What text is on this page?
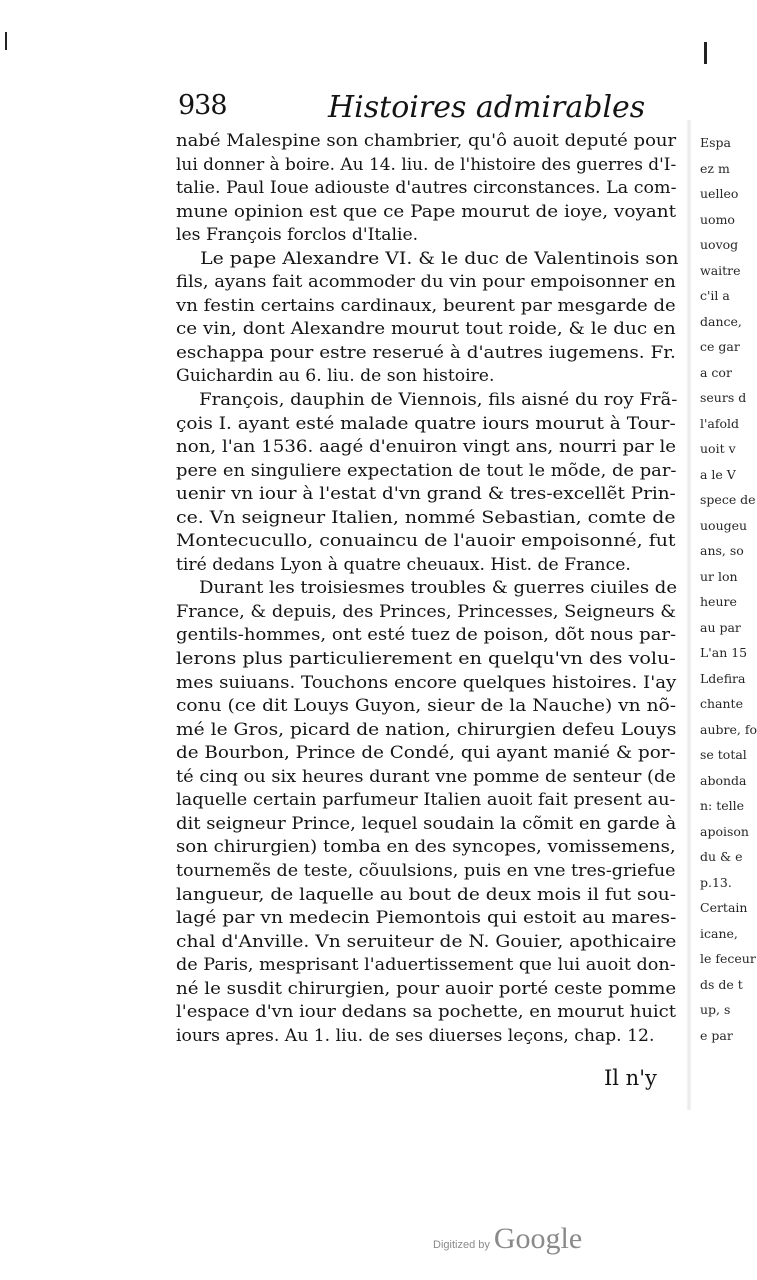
938	Histoires admirables
nabé Malespine son chambrier, qu'ô auoit deputé pour
lui donner à boire. Au 14. liu. de l'histoire des guerres d'I-
talie. Paul Ioue adiouste d'autres circonstances. La com-
mune opinion est que ce Pape mourut de ioye, voyant
les François forclos d'Italie.
Le pape Alexandre VI. & le duc de Valentinois son
fils, ayans fait acommoder du vin pour empoisonner en
vn festin certains cardinaux, beurent par mesgarde de
ce vin, dont Alexandre mourut tout roide, & le duc en
eschappa pour estre reserué à d'autres iugemens. Fr.
Guichardin au 6. liu. de son histoire.
François, dauphin de Viennois, fils aisné du roy Frã-
çois I. ayant esté malade quatre iours mourut à Tour-
non, l'an 1536. aagé d'enuiron vingt ans, nourri par le
pere en singuliere expectation de tout le mõde, de par-
uenir vn iour à l'estat d'vn grand & tres-excellẽt Prin-
ce. Vn seigneur Italien, nommé Sebastian, comte de
Montecucullo, conuaincu de l'auoir empoisonné, fut
tiré dedans Lyon à quatre cheuaux. Hist. de France.
Durant les troisiesmes troubles & guerres ciuiles de
France, & depuis, des Princes, Princesses, Seigneurs &
gentils-hommes, ont esté tuez de poison, dõt nous par-
lerons plus particulierement en quelqu'vn des volu-
mes suiuans. Touchons encore quelques histoires. I'ay
conu (ce dit Louys Guyon, sieur de la Nauche) vn nõ-
mé le Gros, picard de nation, chirurgien defeu Louys
de Bourbon, Prince de Condé, qui ayant manié & por-
té cinq ou six heures durant vne pomme de senteur (de
laquelle certain parfumeur Italien auoit fait present au-
dit seigneur Prince, lequel soudain la cõmit en garde à
son chirurgien) tomba en des syncopes, vomissemens,
tournemẽs de teste, cõuulsions, puis en vne tres-griefue
langueur, de laquelle au bout de deux mois il fut sou-
lagé par vn medecin Piemontois qui estoit au mares-
chal d'Anville. Vn seruiteur de N. Gouier, apothicaire
de Paris, mesprisant l'aduertissement que lui auoit don-
né le susdit chirurgien, pour auoir porté ceste pomme
l'espace d'vn iour dedans sa pochette, en mourut huict
iours apres. Au 1. liu. de ses diuerses leçons, chap. 12.
Il n'y
Espa
ez m
uelleo
uomo
uovog
waitre
c'il a
dance,
ce gar
a cor
seurs d
l'afold
uoit v
a le V
spece de
uougeu
ans, so
ur lon
heure
au par
L'an 15
Ldefira
chante
aubre, fo
se total
abonda
n: telle
apoison
du & e
p.13.
Certain
icane,
le feceur
ds de t
up, s
e par
Digitized by Google
